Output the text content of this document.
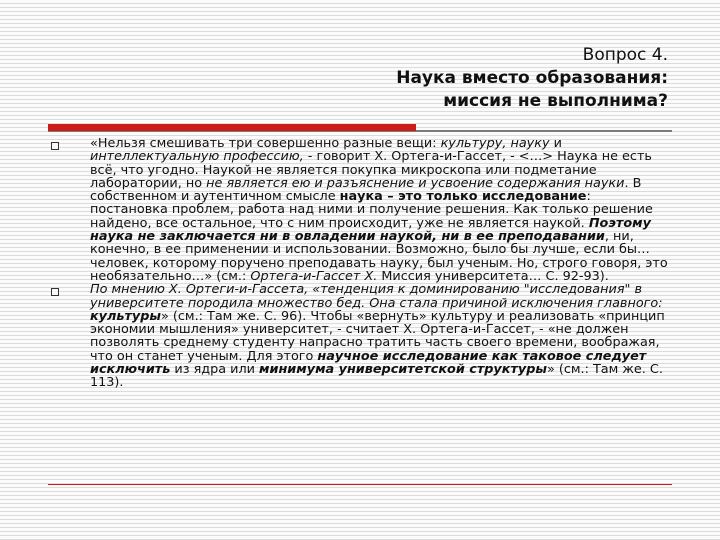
Вопрос 4.
Наука вместо образования:
миссия не выполнима?
«Нельзя смешивать три совершенно разные вещи: культуру, науку и интеллектуальную профессию, - говорит Х. Ортега-и-Гассет, - <…> Наука не есть всё, что угодно. Наукой не является покупка микроскопа или подметание лаборатории, но не является ею и разъяснение и усвоение содержания науки. В собственном и аутентичном смысле наука – это только исследование: постановка проблем, работа над ними и получение решения. Как только решение найдено, все остальное, что с ним происходит, уже не является наукой. Поэтому наука не заключается ни в овладении наукой, ни в ее преподавании, ни, конечно, в ее применении и использовании. Возможно, было бы лучше, если бы… человек, которому поручено преподавать науку, был ученым. Но, строго говоря, это необязательно…» (см.: Ортега-и-Гассет Х. Миссия университета… С. 92-93).
По мнению Х. Ортеги-и-Гассета, «тенденция к доминированию "исследования" в университете породила множество бед. Она стала причиной исключения главного: культуры» (см.: Там же. С. 96). Чтобы «вернуть» культуру и реализовать «принцип экономии мышления» университет, - считает Х. Ортега-и-Гассет, - «не должен позволять среднему студенту напрасно тратить часть своего времени, воображая, что он станет ученым. Для этого научное исследование как таковое следует исключить из ядра или минимума университетской структуры» (см.: Там же. С. 113).
